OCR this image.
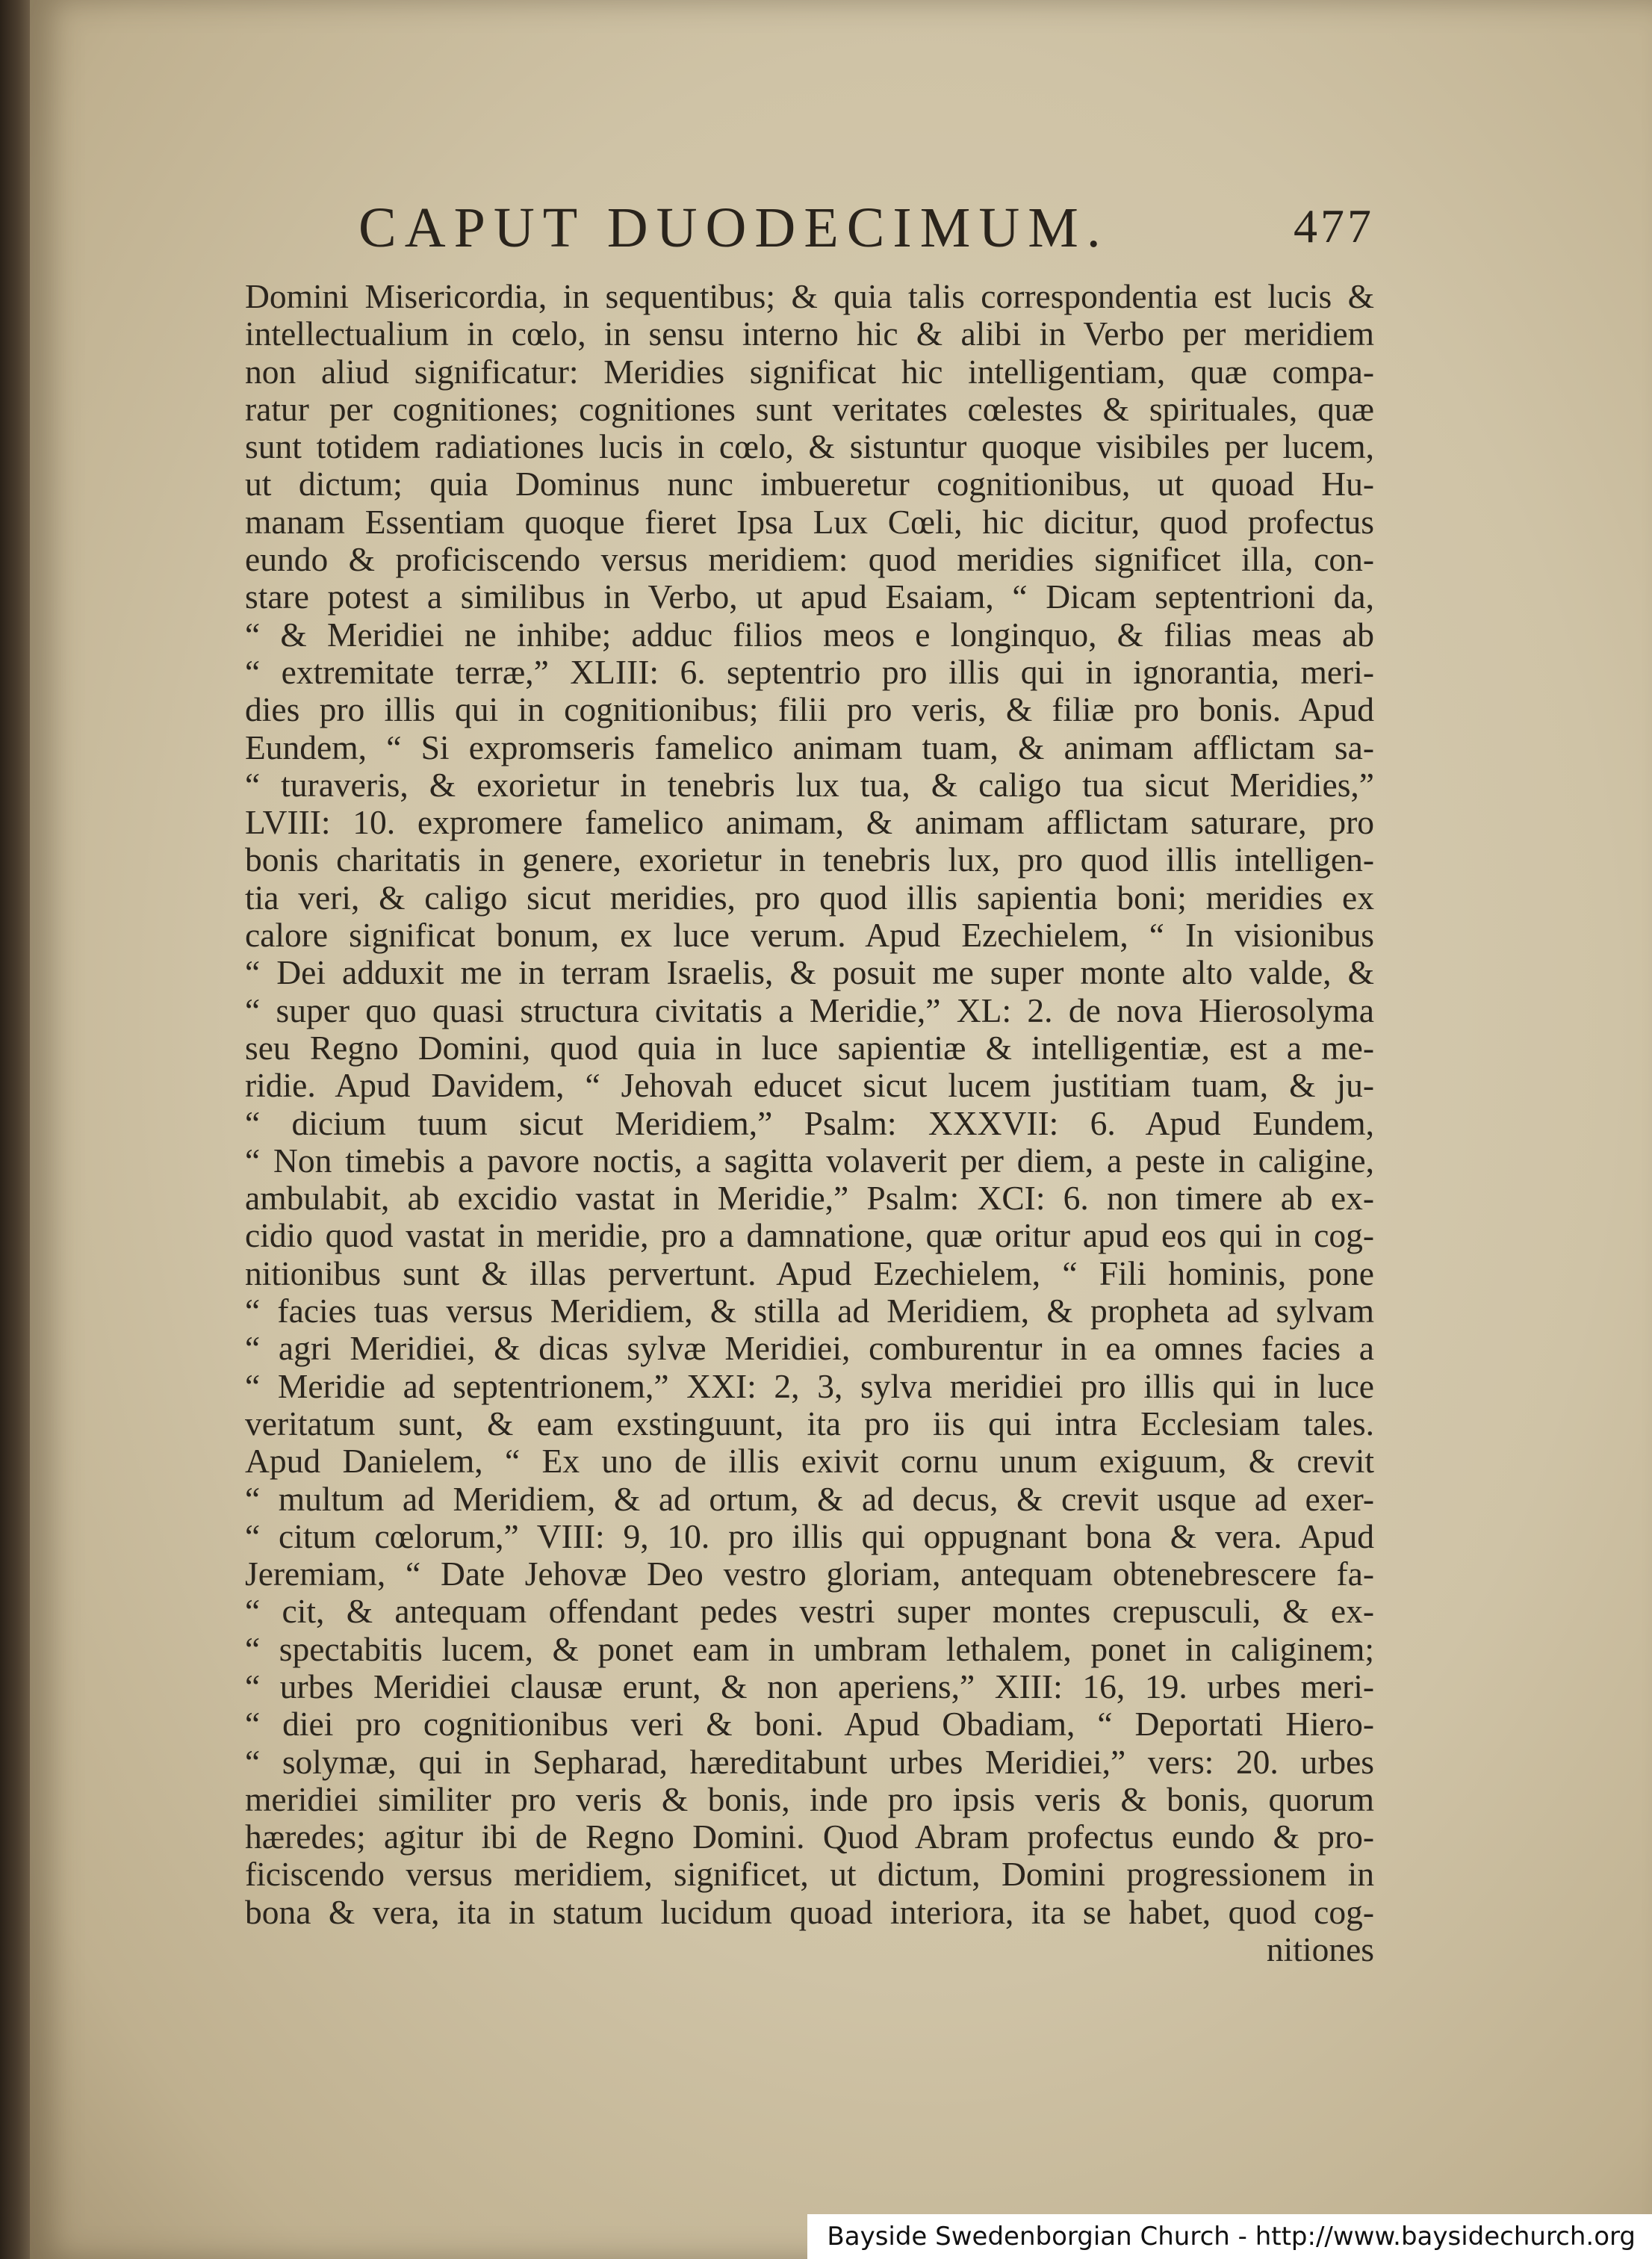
CAPUT DUODECIMUM.	477
Domini Misericordia, in sequentibus; & quia talis correspondentia est lucis &
intellectualium in cœlo, in sensu interno hic & alibi in Verbo per meridiem
non aliud significatur: Meridies significat hic intelligentiam, quæ compa-
ratur per cognitiones; cognitiones sunt veritates cœlestes & spirituales, quæ
sunt totidem radiationes lucis in cœlo, & sistuntur quoque visibiles per lucem,
ut dictum; quia Dominus nunc imbueretur cognitionibus, ut quoad Hu-
manam Essentiam quoque fieret Ipsa Lux Cœli, hic dicitur, quod profectus
eundo & proficiscendo versus meridiem: quod meridies significet illa, con-
stare potest a similibus in Verbo, ut apud Esaiam, “ Dicam septentrioni da,
“ & Meridiei ne inhibe; adduc filios meos e longinquo, & filias meas ab
“ extremitate terræ,” XLIII: 6. septentrio pro illis qui in ignorantia, meri-
dies pro illis qui in cognitionibus; filii pro veris, & filiæ pro bonis. Apud
Eundem, “ Si expromseris famelico animam tuam, & animam afflictam sa-
“ turaveris, & exorietur in tenebris lux tua, & caligo tua sicut Meridies,”
LVIII: 10. expromere famelico animam, & animam afflictam saturare, pro
bonis charitatis in genere, exorietur in tenebris lux, pro quod illis intelligen-
tia veri, & caligo sicut meridies, pro quod illis sapientia boni; meridies ex
calore significat bonum, ex luce verum. Apud Ezechielem, “ In visionibus
“ Dei adduxit me in terram Israelis, & posuit me super monte alto valde, &
“ super quo quasi structura civitatis a Meridie,” XL: 2. de nova Hierosolyma
seu Regno Domini, quod quia in luce sapientiæ & intelligentiæ, est a me-
ridie. Apud Davidem, “ Jehovah educet sicut lucem justitiam tuam, & ju-
“ dicium tuum sicut Meridiem,” Psalm: XXXVII: 6. Apud Eundem,
“ Non timebis a pavore noctis, a sagitta volaverit per diem, a peste in caligine,
ambulabit, ab excidio vastat in Meridie,” Psalm: XCI: 6. non timere ab ex-
cidio quod vastat in meridie, pro a damnatione, quæ oritur apud eos qui in cog-
nitionibus sunt & illas pervertunt. Apud Ezechielem, “ Fili hominis, pone
“ facies tuas versus Meridiem, & stilla ad Meridiem, & propheta ad sylvam
“ agri Meridiei, & dicas sylvæ Meridiei, comburentur in ea omnes facies a
“ Meridie ad septentrionem,” XXI: 2, 3, sylva meridiei pro illis qui in luce
veritatum sunt, & eam exstinguunt, ita pro iis qui intra Ecclesiam tales.
Apud Danielem, “ Ex uno de illis exivit cornu unum exiguum, & crevit
“ multum ad Meridiem, & ad ortum, & ad decus, & crevit usque ad exer-
“ citum cœlorum,” VIII: 9, 10. pro illis qui oppugnant bona & vera. Apud
Jeremiam, “ Date Jehovæ Deo vestro gloriam, antequam obtenebrescere fa-
“ cit, & antequam offendant pedes vestri super montes crepusculi, & ex-
“ spectabitis lucem, & ponet eam in umbram lethalem, ponet in caliginem;
“ urbes Meridiei clausæ erunt, & non aperiens,” XIII: 16, 19. urbes meri-
“ diei pro cognitionibus veri & boni. Apud Obadiam, “ Deportati Hiero-
“ solymæ, qui in Sepharad, hæreditabunt urbes Meridiei,” vers: 20. urbes
meridiei similiter pro veris & bonis, inde pro ipsis veris & bonis, quorum
hæredes; agitur ibi de Regno Domini. Quod Abram profectus eundo & pro-
ficiscendo versus meridiem, significet, ut dictum, Domini progressionem in
bona & vera, ita in statum lucidum quoad interiora, ita se habet, quod cog-
nitiones
Bayside Swedenborgian Church - http://www.baysidechurch.org
